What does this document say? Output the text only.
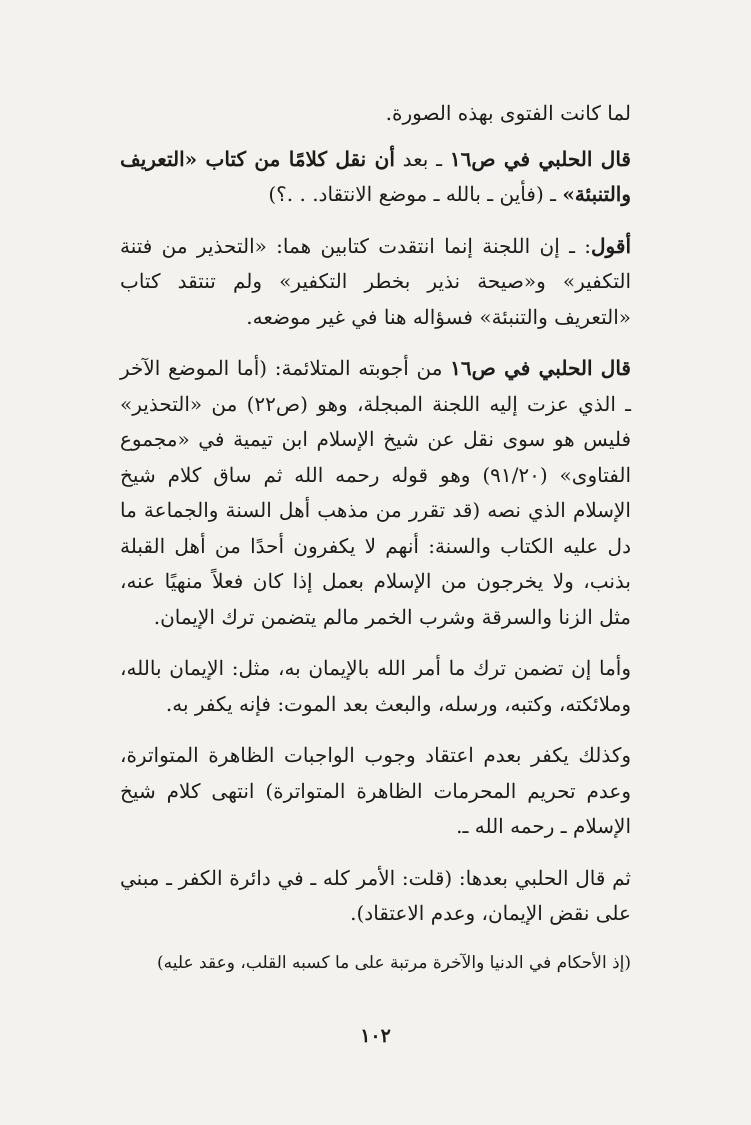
لما كانت الفتوى بهذه الصورة.

قال الحلبي في ص١٦ ـ بعد أن نقل كلامًا من كتاب «التعريف والتنبئة» ـ (فأين ـ بالله ـ موضع الانتقاد. . .؟)

أقول: ـ إن اللجنة إنما انتقدت كتابين هما: «التحذير من فتنة التكفير» و«صيحة نذير بخطر التكفير» ولم تنتقد كتاب «التعريف والتنبئة» فسؤاله هنا في غير موضعه.

قال الحلبي في ص١٦ من أجوبته المتلائمة: (أما الموضع الآخر ـ الذي عزت إليه اللجنة المبجلة، وهو (ص٢٢) من «التحذير» فليس هو سوى نقل عن شيخ الإسلام ابن تيمية في «مجموع الفتاوى» (٩١/٢٠) وهو قوله رحمه الله ثم ساق كلام شيخ الإسلام الذي نصه (قد تقرر من مذهب أهل السنة والجماعة ما دل عليه الكتاب والسنة: أنهم لا يكفرون أحدًا من أهل القبلة بذنب، ولا يخرجون من الإسلام بعمل إذا كان فعلاً منهيًا عنه، مثل الزنا والسرقة وشرب الخمر مالم يتضمن ترك الإيمان.

وأما إن تضمن ترك ما أمر الله بالإيمان به، مثل: الإيمان بالله، وملائكته، وكتبه، ورسله، والبعث بعد الموت: فإنه يكفر به.

وكذلك يكفر بعدم اعتقاد وجوب الواجبات الظاهرة المتواترة، وعدم تحريم المحرمات الظاهرة المتواترة) انتهى كلام شيخ الإسلام ـ رحمه الله ـ.

ثم قال الحلبي بعدها: (قلت: الأمر كله ـ في دائرة الكفر ـ مبني على نقض الإيمان، وعدم الاعتقاد).

(إذ الأحكام في الدنيا والآخرة مرتبة على ما كسبه القلب، وعقد عليه)

١٠٢
